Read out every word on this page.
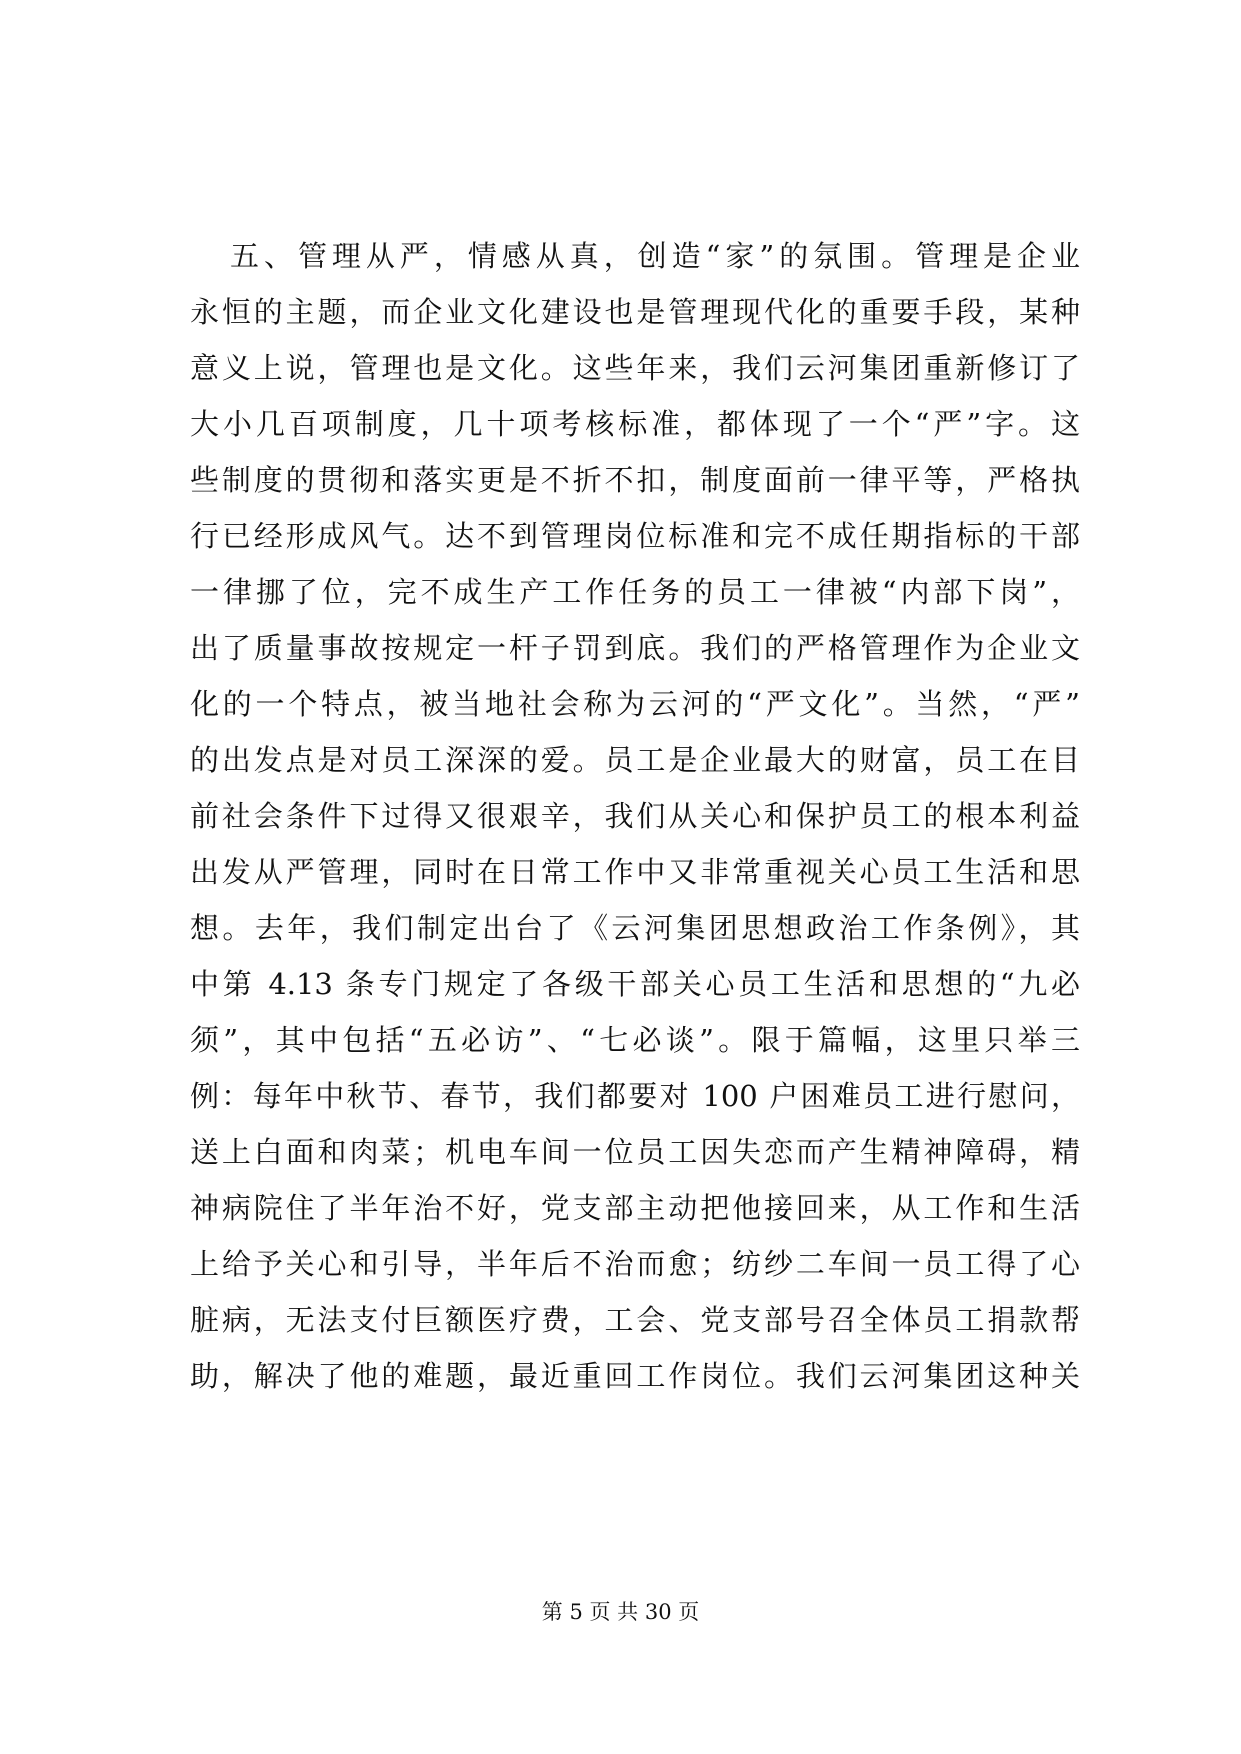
五、管理从严，情感从真，创造“家”的氛围。管理是企业
永恒的主题，而企业文化建设也是管理现代化的重要手段，某种
意义上说，管理也是文化。这些年来，我们云河集团重新修订了
大小几百项制度，几十项考核标准，都体现了一个“严”字。这
些制度的贯彻和落实更是不折不扣，制度面前一律平等，严格执
行已经形成风气。达不到管理岗位标准和完不成任期指标的干部
一律挪了位，完不成生产工作任务的员工一律被“内部下岗”，
出了质量事故按规定一杆子罚到底。我们的严格管理作为企业文
化的一个特点，被当地社会称为云河的“严文化”。当然，“严”
的出发点是对员工深深的爱。员工是企业最大的财富，员工在目
前社会条件下过得又很艰辛，我们从关心和保护员工的根本利益
出发从严管理，同时在日常工作中又非常重视关心员工生活和思
想。去年，我们制定出台了《云河集团思想政治工作条例》，其
中第 4.13 条专门规定了各级干部关心员工生活和思想的“九必
须”，其中包括“五必访”、“七必谈”。限于篇幅，这里只举三
例：每年中秋节、春节，我们都要对 100 户困难员工进行慰问，
送上白面和肉菜；机电车间一位员工因失恋而产生精神障碍，精
神病院住了半年治不好，党支部主动把他接回来，从工作和生活
上给予关心和引导，半年后不治而愈；纺纱二车间一员工得了心
脏病，无法支付巨额医疗费，工会、党支部号召全体员工捐款帮
助，解决了他的难题，最近重回工作岗位。我们云河集团这种关
第 5 页 共 30 页
